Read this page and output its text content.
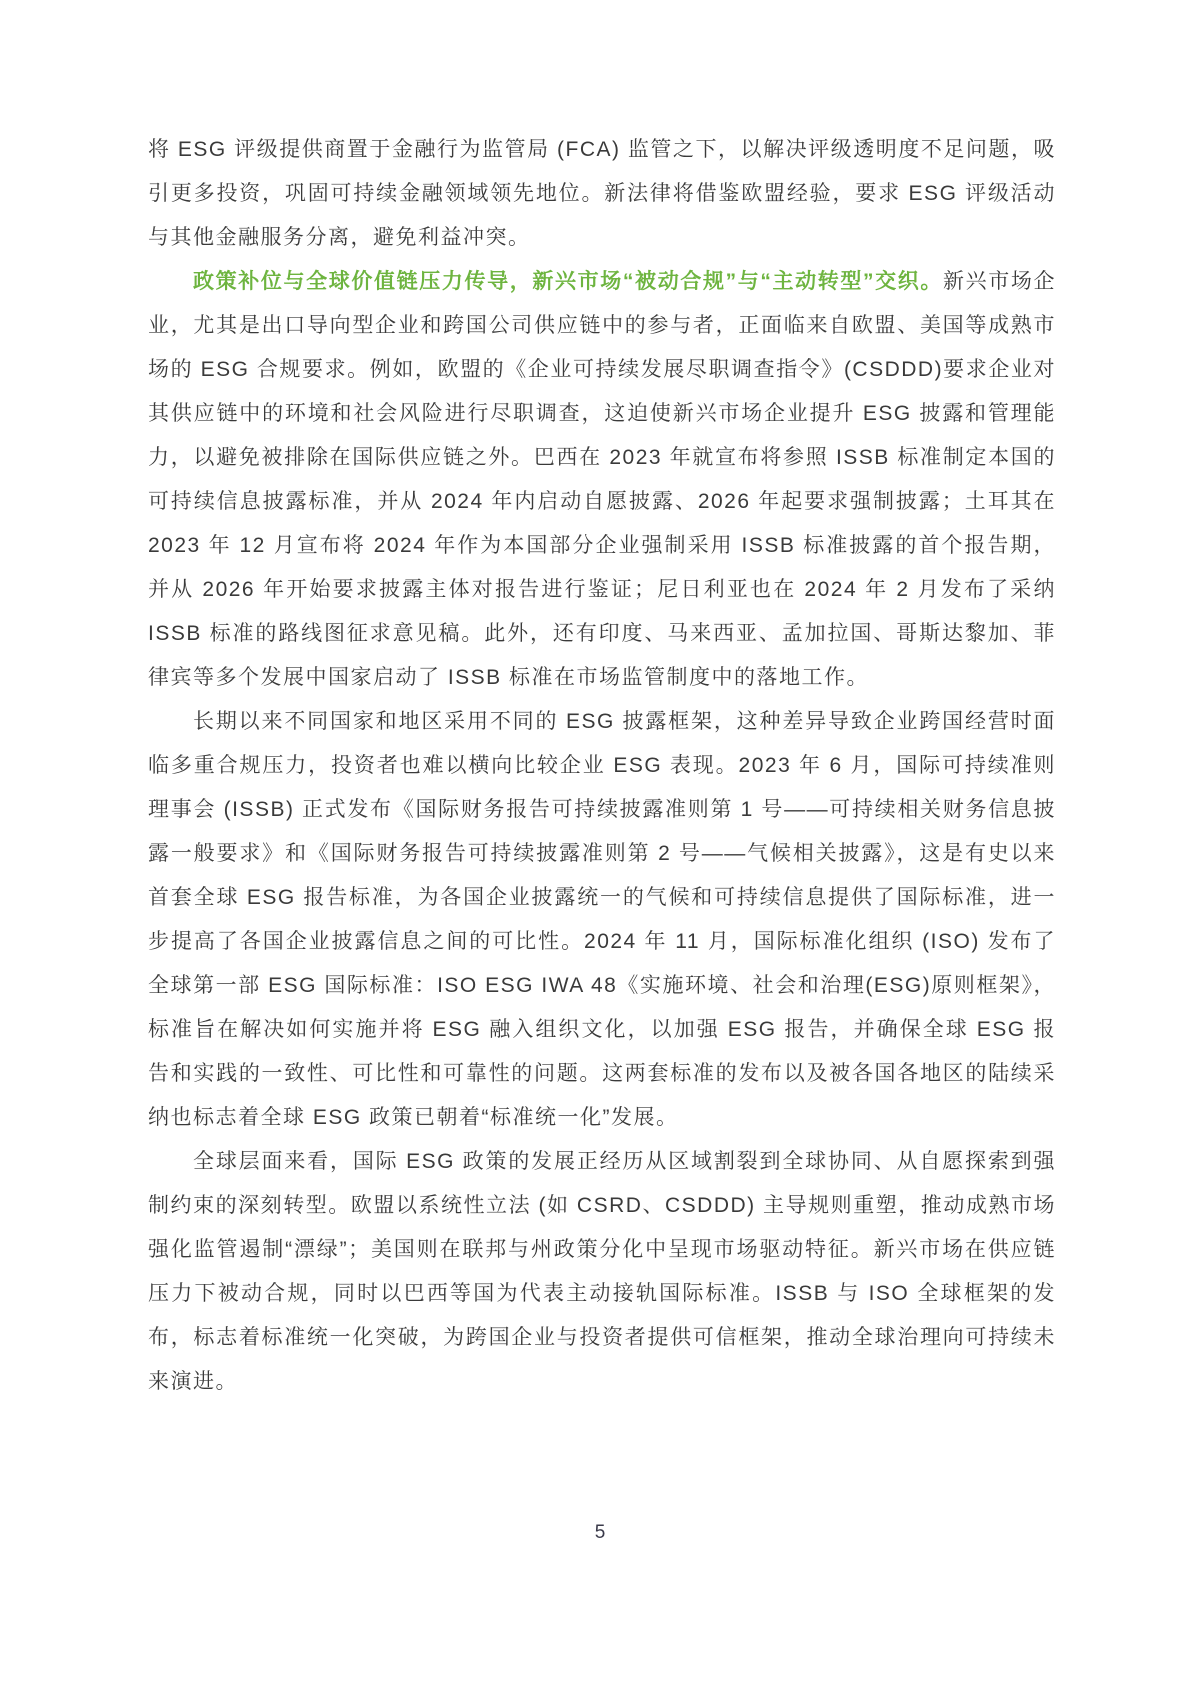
将 ESG 评级提供商置于金融行为监管局 (FCA) 监管之下，以解决评级透明度不足问题，吸引更多投资，巩固可持续金融领域领先地位。新法律将借鉴欧盟经验，要求 ESG 评级活动与其他金融服务分离，避免利益冲突。

政策补位与全球价值链压力传导，新兴市场“被动合规”与“主动转型”交织。新兴市场企业，尤其是出口导向型企业和跨国公司供应链中的参与者，正面临来自欧盟、美国等成熟市场的 ESG 合规要求。例如，欧盟的《企业可持续发展尽职调查指令》(CSDDD)要求企业对其供应链中的环境和社会风险进行尽职调查，这迫使新兴市场企业提升 ESG 披露和管理能力，以避免被排除在国际供应链之外。巴西在 2023 年就宣布将参照 ISSB 标准制定本国的可持续信息披露标准，并从 2024 年内启动自愿披露、2026 年起要求强制披露；土耳其在 2023 年 12 月宣布将 2024 年作为本国部分企业强制采用 ISSB 标准披露的首个报告期，并从 2026 年开始要求披露主体对报告进行鉴证；尼日利亚也在 2024 年 2 月发布了采纳 ISSB 标准的路线图征求意见稿。此外，还有印度、马来西亚、孟加拉国、哥斯达黎加、菲律宾等多个发展中国家启动了 ISSB 标准在市场监管制度中的落地工作。

长期以来不同国家和地区采用不同的 ESG 披露框架，这种差异导致企业跨国经营时面临多重合规压力，投资者也难以横向比较企业 ESG 表现。2023 年 6 月，国际可持续准则理事会 (ISSB) 正式发布《国际财务报告可持续披露准则第 1 号——可持续相关财务信息披露一般要求》和《国际财务报告可持续披露准则第 2 号——气候相关披露》，这是有史以来首套全球 ESG 报告标准，为各国企业披露统一的气候和可持续信息提供了国际标准，进一步提高了各国企业披露信息之间的可比性。2024 年 11 月，国际标准化组织 (ISO) 发布了全球第一部 ESG 国际标准：ISO ESG IWA 48《实施环境、社会和治理(ESG)原则框架》，标准旨在解决如何实施并将 ESG 融入组织文化，以加强 ESG 报告，并确保全球 ESG 报告和实践的一致性、可比性和可靠性的问题。这两套标准的发布以及被各国各地区的陆续采纳也标志着全球 ESG 政策已朝着“标准统一化”发展。

全球层面来看，国际 ESG 政策的发展正经历从区域割裂到全球协同、从自愿探索到强制约束的深刻转型。欧盟以系统性立法 (如 CSRD、CSDDD) 主导规则重塑，推动成熟市场强化监管遏制“漂绿”；美国则在联邦与州政策分化中呈现市场驱动特征。新兴市场在供应链压力下被动合规，同时以巴西等国为代表主动接轨国际标准。ISSB 与 ISO 全球框架的发布，标志着标准统一化突破，为跨国企业与投资者提供可信框架，推动全球治理向可持续未来演进。

5
